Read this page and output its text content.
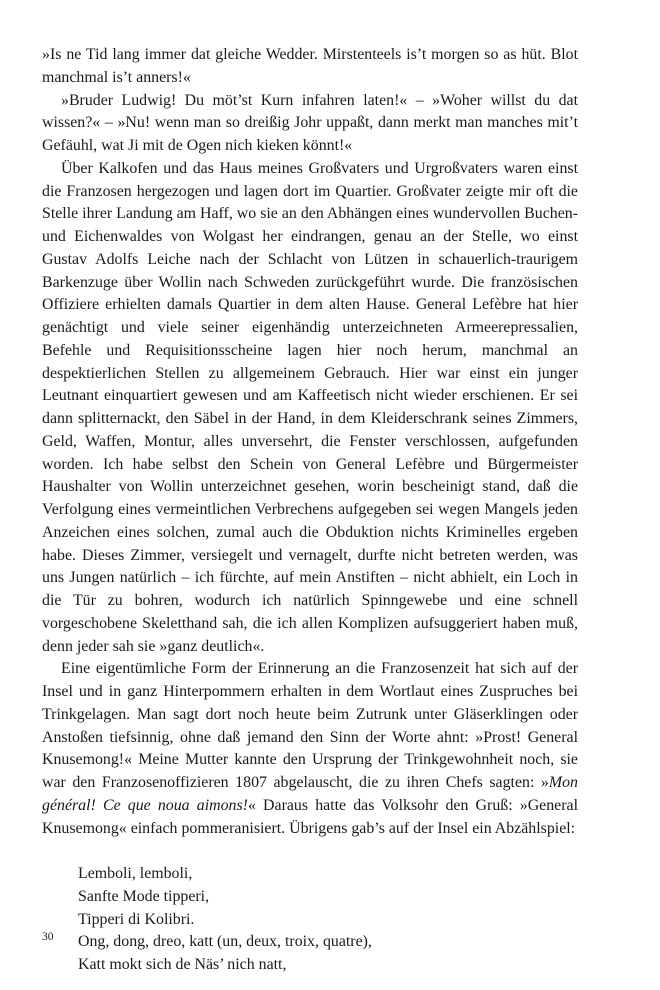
»Is ne Tid lang immer dat gleiche Wedder. Mirstenteels is’t morgen so as hüt. Blot manchmal is’t anners!«

»Bruder Ludwig! Du möt’st Kurn infahren laten!« – »Woher willst du dat wissen?« – »Nu! wenn man so dreißig Johr uppaßt, dann merkt man manches mit’t Gefäuhl, wat Ji mit de Ogen nich kieken könnt!«

Über Kalkofen und das Haus meines Großvaters und Urgroßvaters waren einst die Franzosen hergezogen und lagen dort im Quartier. Großvater zeigte mir oft die Stelle ihrer Landung am Haff, wo sie an den Abhängen eines wundervollen Buchen- und Eichenwaldes von Wolgast her eindrangen, genau an der Stelle, wo einst Gustav Adolfs Leiche nach der Schlacht von Lützen in schauerlich-traurigem Barkenzuge über Wollin nach Schweden zurückgeführt wurde. Die französischen Offiziere erhielten damals Quartier in dem alten Hause. General Lefèbre hat hier genächtigt und viele seiner eigenhändig unterzeichneten Armeerepressalien, Befehle und Requisitionsscheine lagen hier noch herum, manchmal an despektierlichen Stellen zu allgemeinem Gebrauch. Hier war einst ein junger Leutnant einquartiert gewesen und am Kaffeetisch nicht wieder erschienen. Er sei dann splitternackt, den Säbel in der Hand, in dem Kleiderschrank seines Zimmers, Geld, Waffen, Montur, alles unversehrt, die Fenster verschlossen, aufgefunden worden. Ich habe selbst den Schein von General Lefèbre und Bürgermeister Haushalter von Wollin unterzeichnet gesehen, worin bescheinigt stand, daß die Verfolgung eines vermeintlichen Verbrechens aufgegeben sei wegen Mangels jeden Anzeichen eines solchen, zumal auch die Obduktion nichts Kriminelles ergeben habe. Dieses Zimmer, versiegelt und vernagelt, durfte nicht betreten werden, was uns Jungen natürlich – ich fürchte, auf mein Anstiften – nicht abhielt, ein Loch in die Tür zu bohren, wodurch ich natürlich Spinngewebe und eine schnell vorgeschobene Skeletthand sah, die ich allen Komplizen aufsuggeriert haben muß, denn jeder sah sie »ganz deutlich«.

Eine eigentümliche Form der Erinnerung an die Franzosenzeit hat sich auf der Insel und in ganz Hinterpommern erhalten in dem Wortlaut eines Zuspruches bei Trinkgelagen. Man sagt dort noch heute beim Zutrunk unter Gläserklingen oder Anstoßen tiefsinnig, ohne daß jemand den Sinn der Worte ahnt: »Prost! General Knusemong!« Meine Mutter kannte den Ursprung der Trinkgewohnheit noch, sie war den Franzosenoffizieren 1807 abgelauscht, die zu ihren Chefs sagten: »Mon général! Ce que noua aimons!« Daraus hatte das Volksohr den Gruß: »General Knusemong« einfach pommeranisiert. Übrigens gab’s auf der Insel ein Abzählspiel:

Lemboli, lemboli,
Sanfte Mode tipperi,
Tipperi di Kolibri.
Ong, dong, dreo, katt (un, deux, troix, quatre),
Katt mokt sich de Näs’ nich natt,
30
